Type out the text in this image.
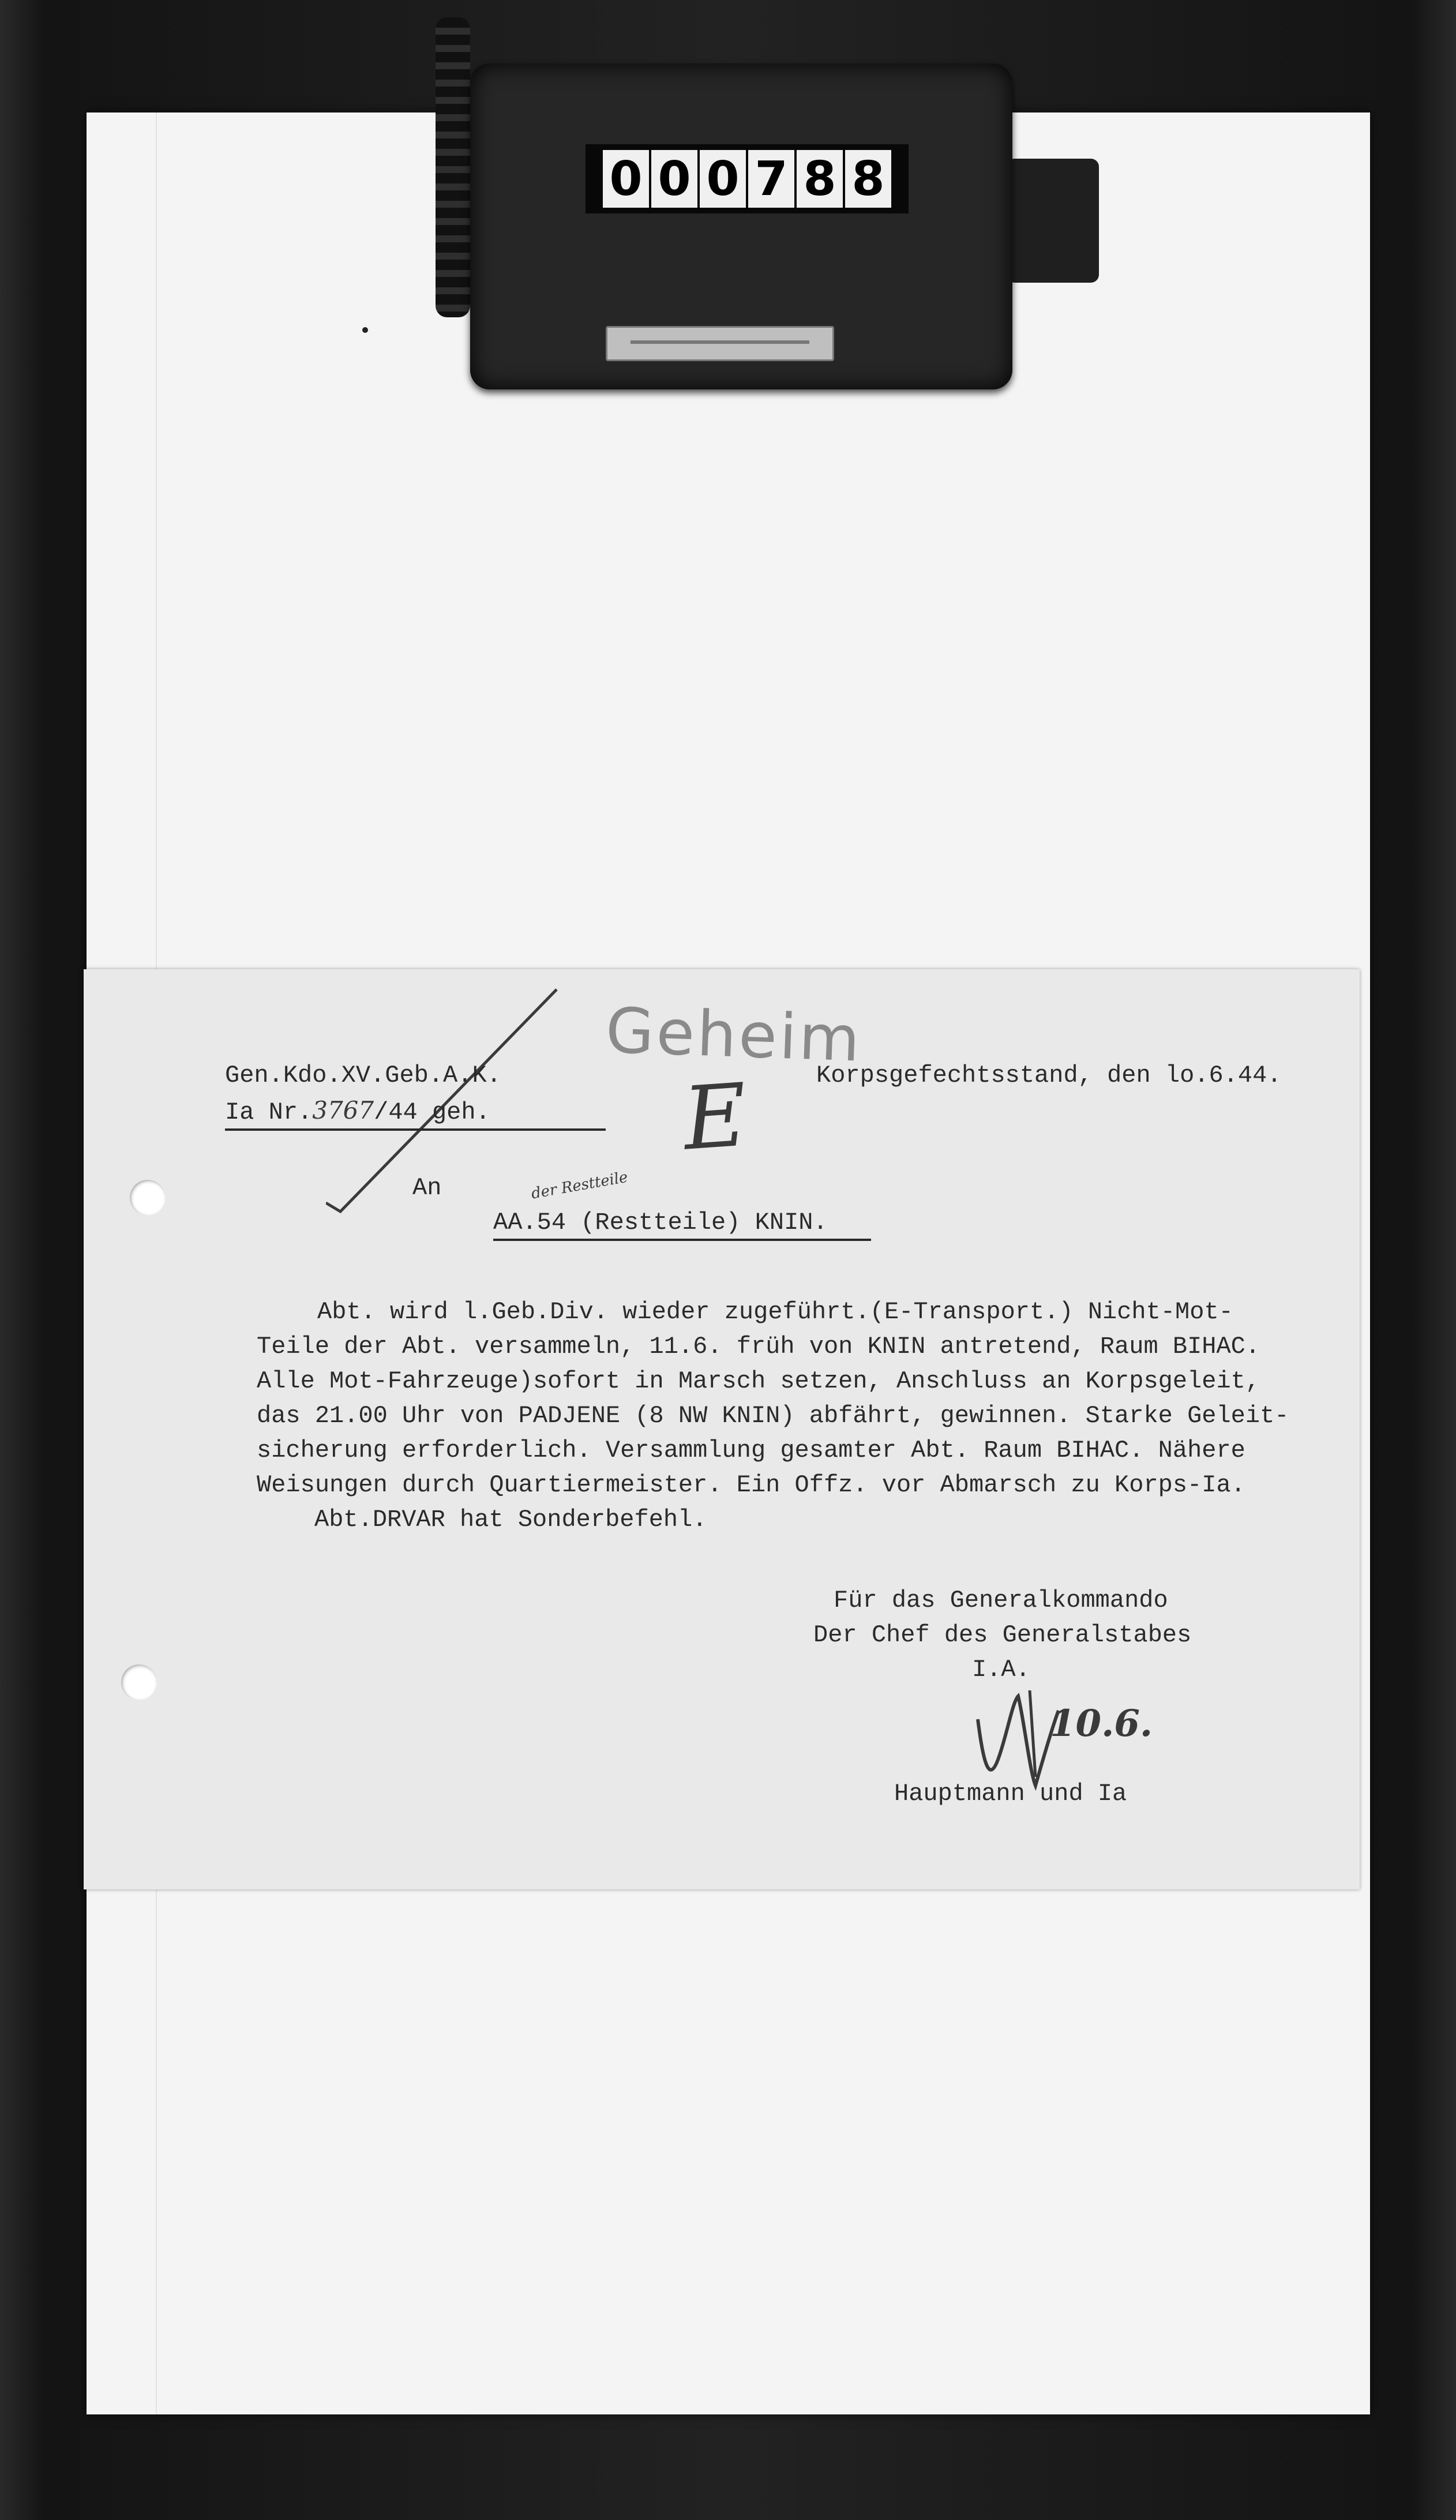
0 0 0 7 8 8
Geheim
E
Gen.Kdo.XV.Geb.A.K.
Ia Nr.3767/44 geh.
Korpsgefechtsstand, den lo.6.44.
An
AA.54 (Restteile) KNIN.
der Restteile
Abt. wird l.Geb.Div. wieder zugeführt.(E-Transport.) Nicht-Mot-
Teile der Abt. versammeln, 11.6. früh von KNIN antretend, Raum BIHAC.
Alle Mot-Fahrzeuge)sofort in Marsch setzen, Anschluss an Korpsgeleit,
das 21.00 Uhr von PADJENE (8 NW KNIN) abfährt, gewinnen. Starke Geleit-
sicherung erforderlich. Versammlung gesamter Abt. Raum BIHAC. Nähere
Weisungen durch Quartiermeister. Ein Offz. vor Abmarsch zu Korps-Ia.
Abt.DRVAR hat Sonderbefehl.
Für das Generalkommando
Der Chef des Generalstabes
I.A.
10.6.
Hauptmann und Ia
